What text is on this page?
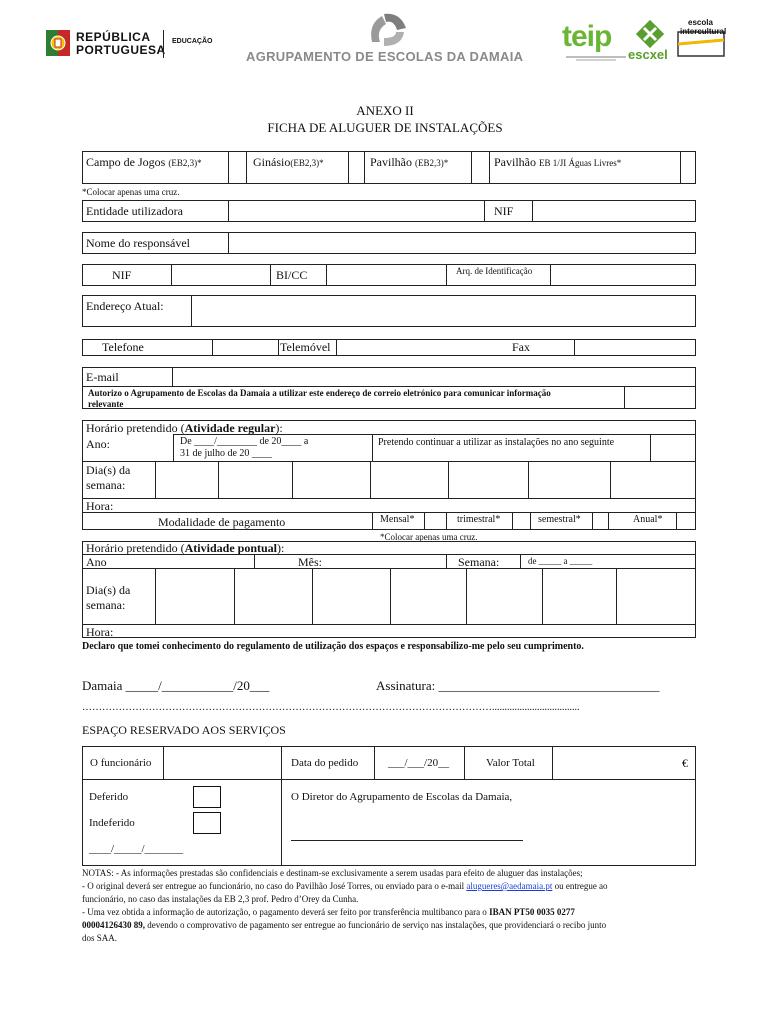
REPÚBLICA
PORTUGUESA
EDUCAÇÃO
AGRUPAMENTO DE ESCOLAS DA DAMAIA
teip
escxel
escola
intercultural
ANEXO II
FICHA DE ALUGUER DE INSTALAÇÕES
Campo de Jogos (EB2,3)*	Ginásio(EB2,3)*	Pavilhão (EB2,3)*	Pavilhão EB 1/JI Águas Livres*
*Colocar apenas uma cruz.
Entidade utilizadora	NIF
Nome do responsável
NIF	BI/CC	Arq. de Identificação
Endereço Atual:
Telefone	Telemóvel	Fax
E-mail
Autorizo o Agrupamento de Escolas da Damaia a utilizar este endereço de correio eletrónico para comunicar informação
relevante
Horário pretendido (Atividade regular):
Ano:	De ____/________ de 20____ a
31 de julho de 20 ____
Pretendo continuar a utilizar as instalações no ano seguinte
Dia(s) da
semana:
Hora:
Modalidade de pagamento	Mensal*	trimestral*	semestral*	Anual*
*Colocar apenas uma cruz.
Horário pretendido (Atividade pontual):
Ano	Mês:	Semana:	de _____ a _____
Dia(s) da
semana:
Hora:
Declaro que tomei conhecimento do regulamento de utilização dos espaços e responsabilizo-me pelo seu cumprimento.
Damaia _____/___________/20___	Assinatura: __________________________________
……………………………………………………………………………………………………………...................................
ESPAÇO RESERVADO AOS SERVIÇOS
O funcionário	Data do pedido	___/___/20__	Valor Total	€
Deferido
Indeferido
____/_____/_______
O Diretor do Agrupamento de Escolas da Damaia,
NOTAS: - As informações prestadas são confidenciais e destinam-se exclusivamente a serem usadas para efeito de aluguer das instalações;
- O original deverá ser entregue ao funcionário, no caso do Pavilhão José Torres, ou enviado para o e-mail alugueres@aedamaia.pt ou entregue ao
funcionário, no caso das instalações da EB 2,3 prof. Pedro d’Orey da Cunha.
- Uma vez obtida a informação de autorização, o pagamento deverá ser feito por transferência multibanco para o IBAN PT50 0035 0277
00004126430 89, devendo o comprovativo de pagamento ser entregue ao funcionário de serviço nas instalações, que providenciará o recibo junto
dos SAA.
